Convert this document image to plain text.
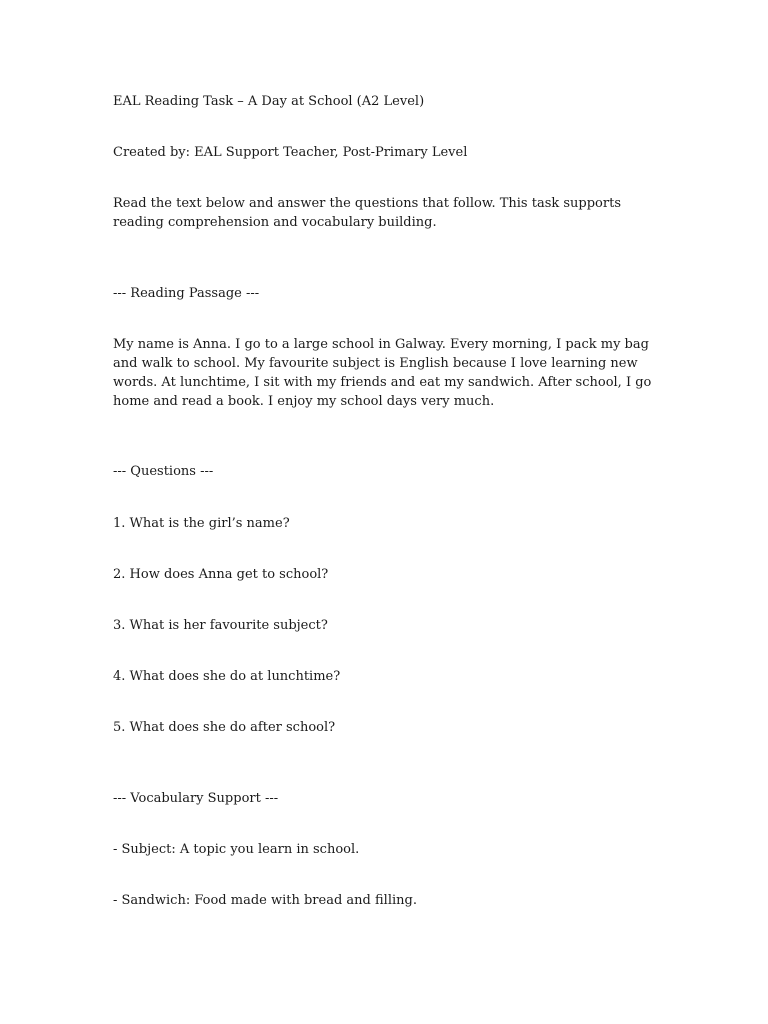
EAL Reading Task – A Day at School (A2 Level)

Created by: EAL Support Teacher, Post-Primary Level

Read the text below and answer the questions that follow. This task supports reading comprehension and vocabulary building.

--- Reading Passage ---

My name is Anna. I go to a large school in Galway. Every morning, I pack my bag and walk to school. My favourite subject is English because I love learning new words. At lunchtime, I sit with my friends and eat my sandwich. After school, I go home and read a book. I enjoy my school days very much.

--- Questions ---

1. What is the girl’s name?

2. How does Anna get to school?

3. What is her favourite subject?

4. What does she do at lunchtime?

5. What does she do after school?

--- Vocabulary Support ---

- Subject: A topic you learn in school.

- Sandwich: Food made with bread and filling.
